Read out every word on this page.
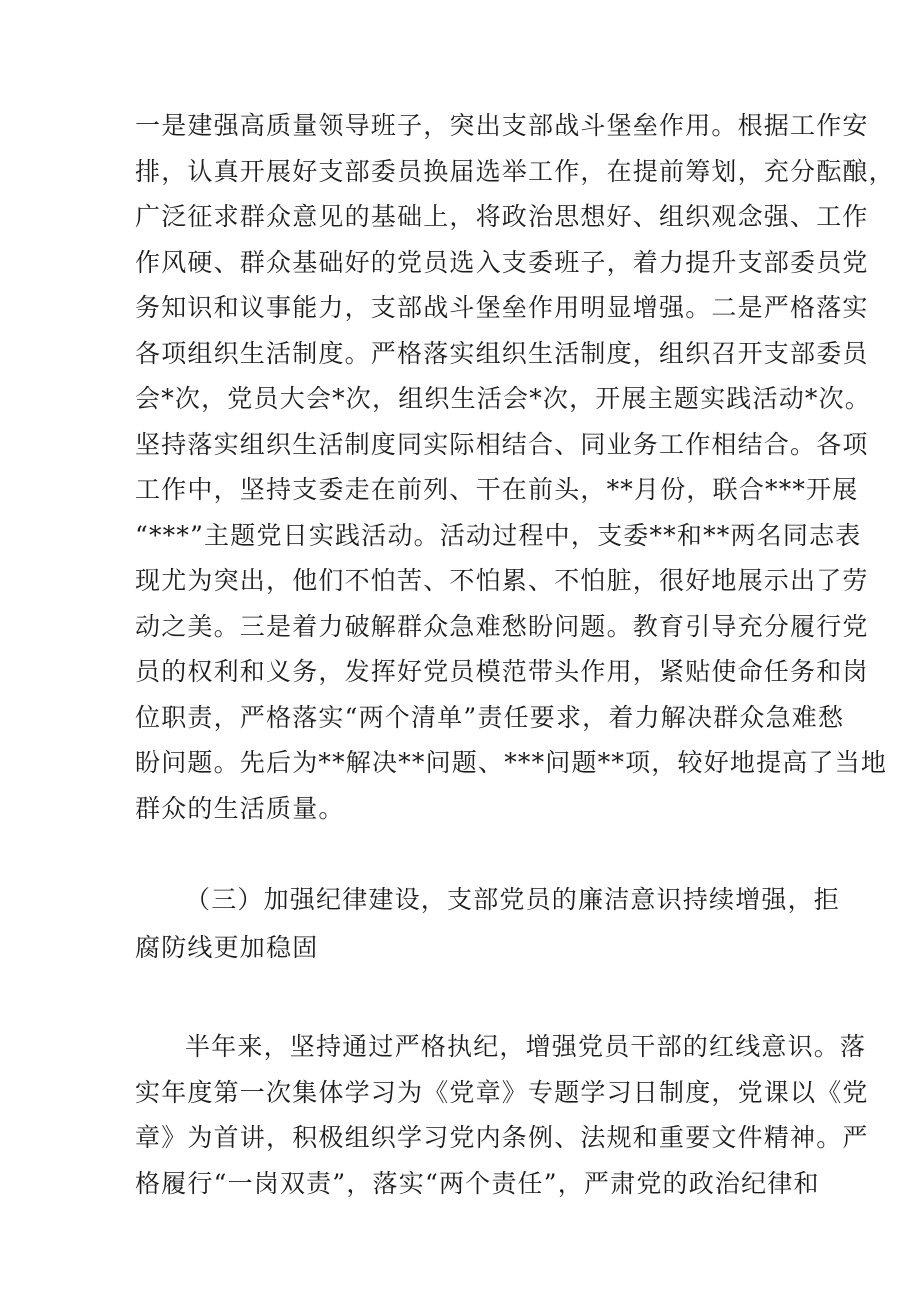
一是建强高质量领导班子，突出支部战斗堡垒作用。根据工作安
排，认真开展好支部委员换届选举工作，在提前筹划，充分酝酿，
广泛征求群众意见的基础上，将政治思想好、组织观念强、工作
作风硬、群众基础好的党员选入支委班子，着力提升支部委员党
务知识和议事能力，支部战斗堡垒作用明显增强。二是严格落实
各项组织生活制度。严格落实组织生活制度，组织召开支部委员
会*次，党员大会*次，组织生活会*次，开展主题实践活动*次。
坚持落实组织生活制度同实际相结合、同业务工作相结合。各项
工作中，坚持支委走在前列、干在前头，**月份，联合***开展
“***”主题党日实践活动。活动过程中，支委**和**两名同志表
现尤为突出，他们不怕苦、不怕累、不怕脏，很好地展示出了劳
动之美。三是着力破解群众急难愁盼问题。教育引导充分履行党
员的权利和义务，发挥好党员模范带头作用，紧贴使命任务和岗
位职责，严格落实“两个清单”责任要求，着力解决群众急难愁
盼问题。先后为**解决**问题、***问题**项，较好地提高了当地
群众的生活质量。
（三）加强纪律建设，支部党员的廉洁意识持续增强，拒
腐防线更加稳固
半年来，坚持通过严格执纪，增强党员干部的红线意识。落
实年度第一次集体学习为《党章》专题学习日制度，党课以《党
章》为首讲，积极组织学习党内条例、法规和重要文件精神。严
格履行“一岗双责”，落实“两个责任”，严肃党的政治纪律和
